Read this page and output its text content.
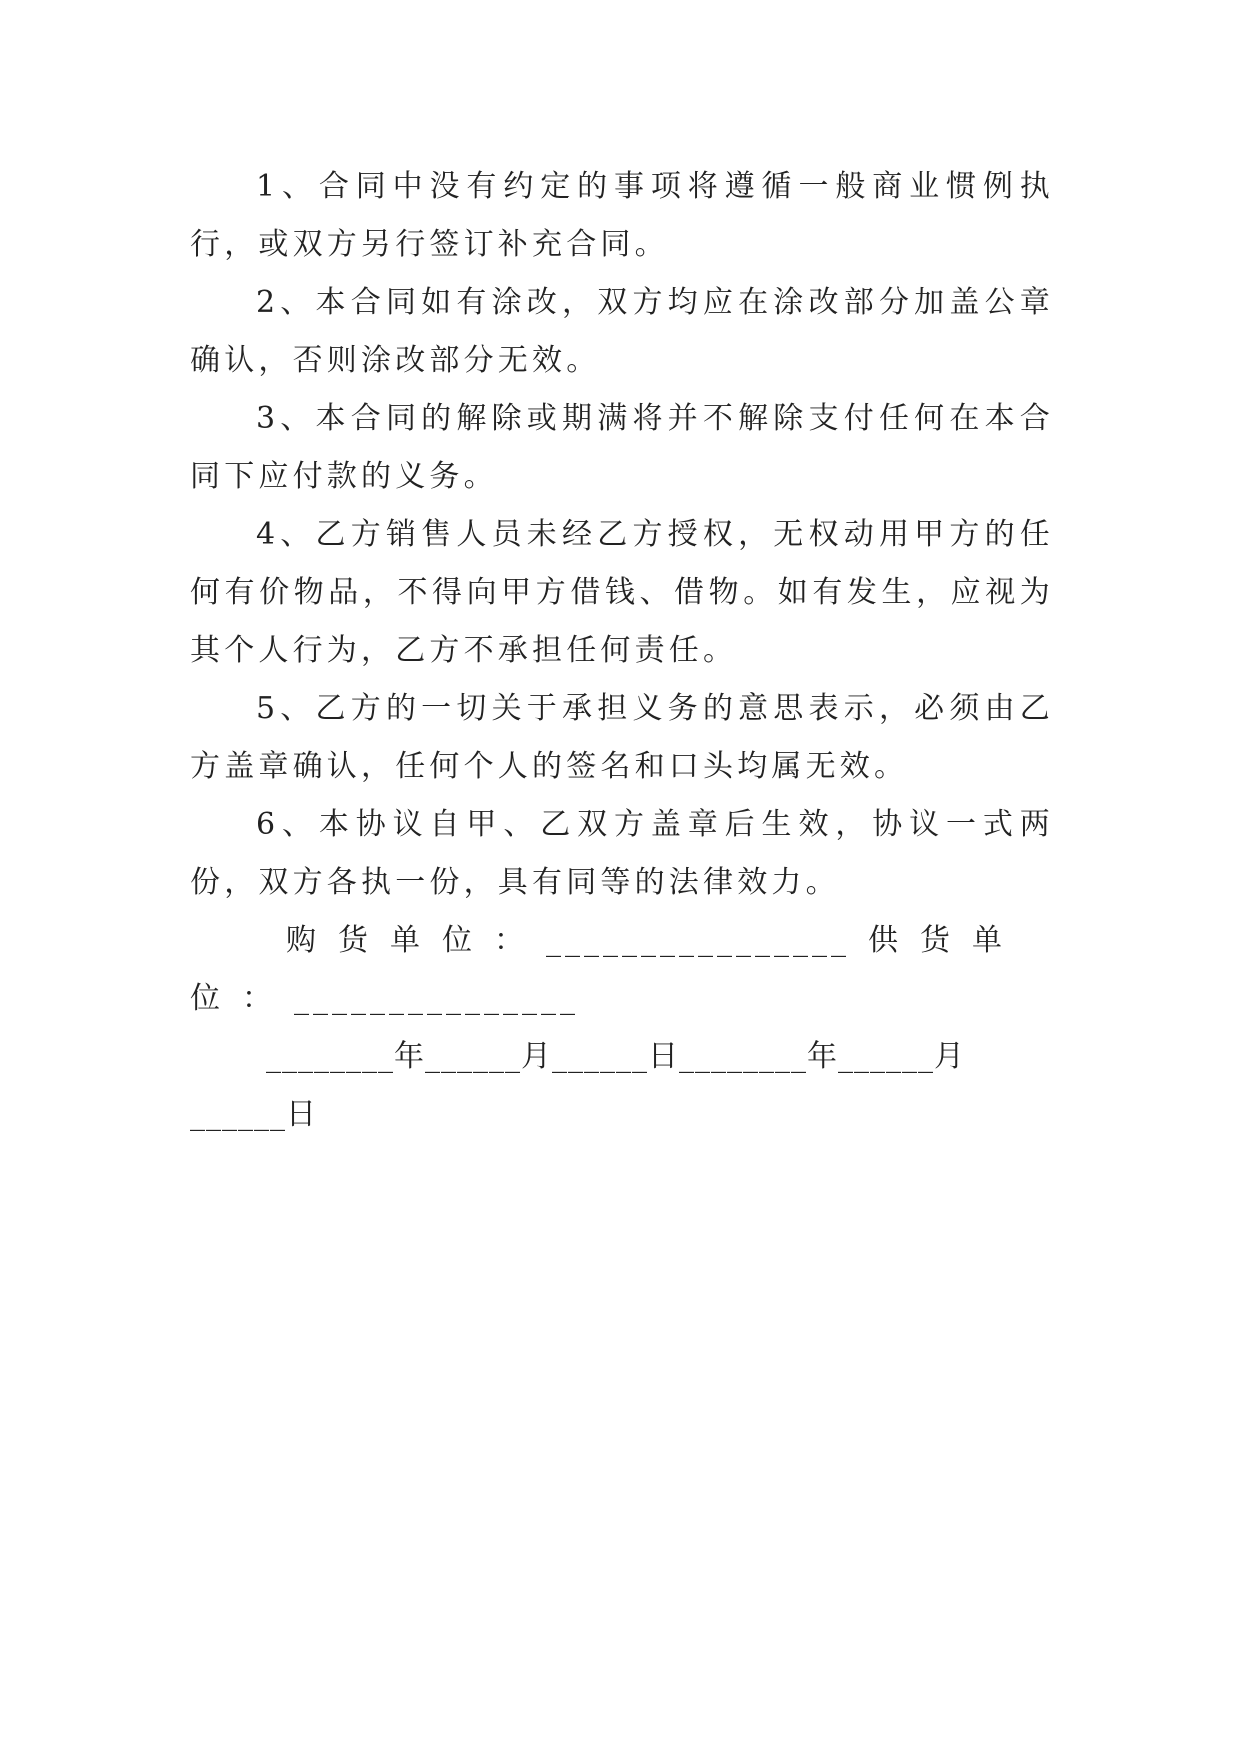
1、合同中没有约定的事项将遵循一般商业惯例执行，或双方另行签订补充合同。

2、本合同如有涂改，双方均应在涂改部分加盖公章确认，否则涂改部分无效。

3、本合同的解除或期满将并不解除支付任何在本合同下应付款的义务。

4、乙方销售人员未经乙方授权，无权动用甲方的任何有价物品，不得向甲方借钱、借物。如有发生，应视为其个人行为，乙方不承担任何责任。

5、乙方的一切关于承担义务的意思表示，必须由乙方盖章确认，任何个人的签名和口头均属无效。

6、本协议自甲、乙双方盖章后生效，协议一式两份，双方各执一份，具有同等的法律效力。

购货单位：________________ 供货单位：_______________

________年______月______日________年______月______日
